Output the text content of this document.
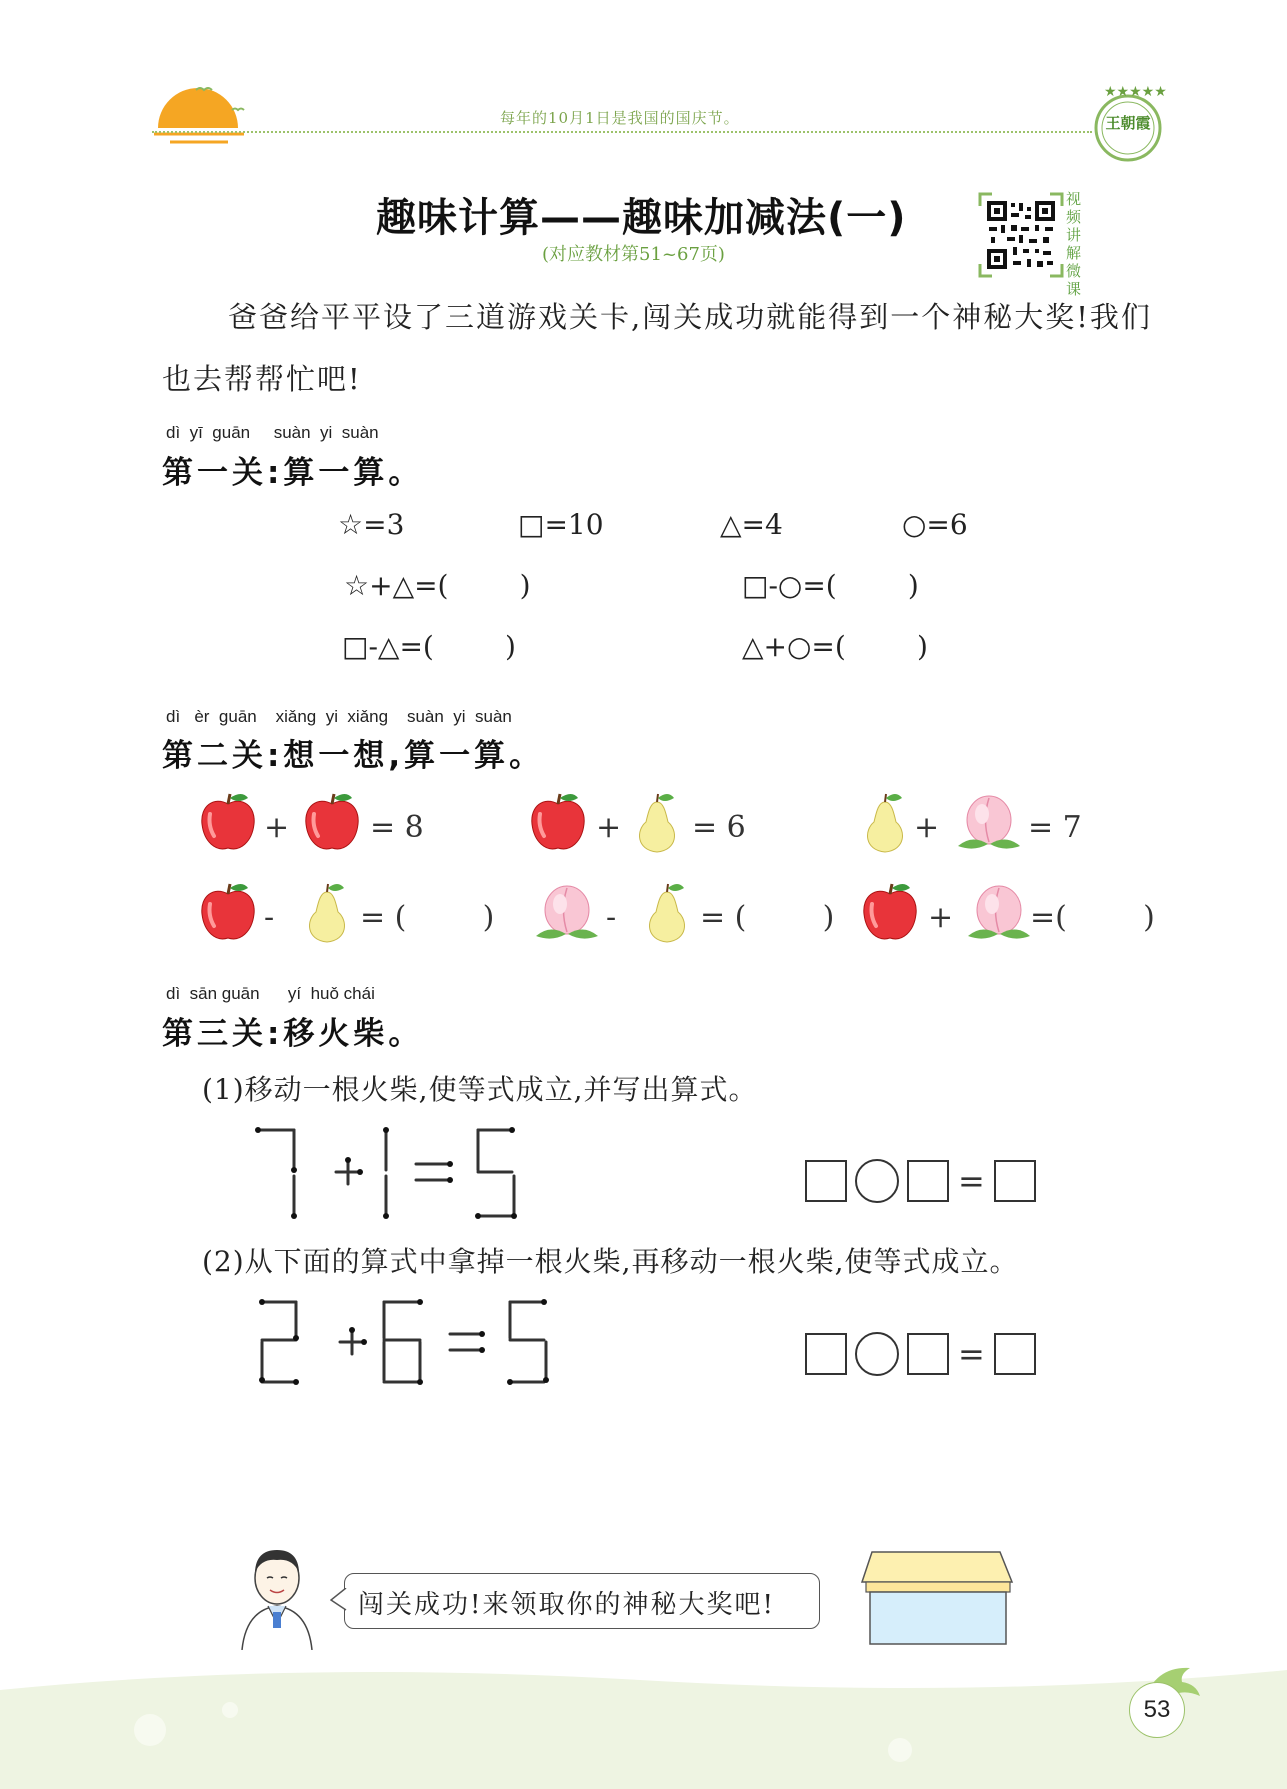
每年的10月1日是我国的国庆节。
★★★★★
王朝霞
趣味计算——趣味加减法(一)
(对应教材第51~67页)
视频讲解微课
爸爸给平平设了三道游戏关卡,闯关成功就能得到一个神秘大奖!我们也去帮帮忙吧!
dì  yī  guān     suàn  yi  suàn
第一关:算一算。
☆=3	□=10	△=4	○=6
☆+△=(        )	□-○=(        )
□-△=(        )	△+○=(        )
dì   èr  guān    xiǎng  yi  xiǎng    suàn  yi  suàn
第二关:想一想,算一算。
+	= 8	+ = 6	+	= 7
-	= (        )	-	= (        )	+	=(        )
dì  sān guān      yí  huǒ chái
第三关:移火柴。
(1)移动一根火柴,使等式成立,并写出算式。
=
(2)从下面的算式中拿掉一根火柴,再移动一根火柴,使等式成立。
=
闯关成功!来领取你的神秘大奖吧!
53
